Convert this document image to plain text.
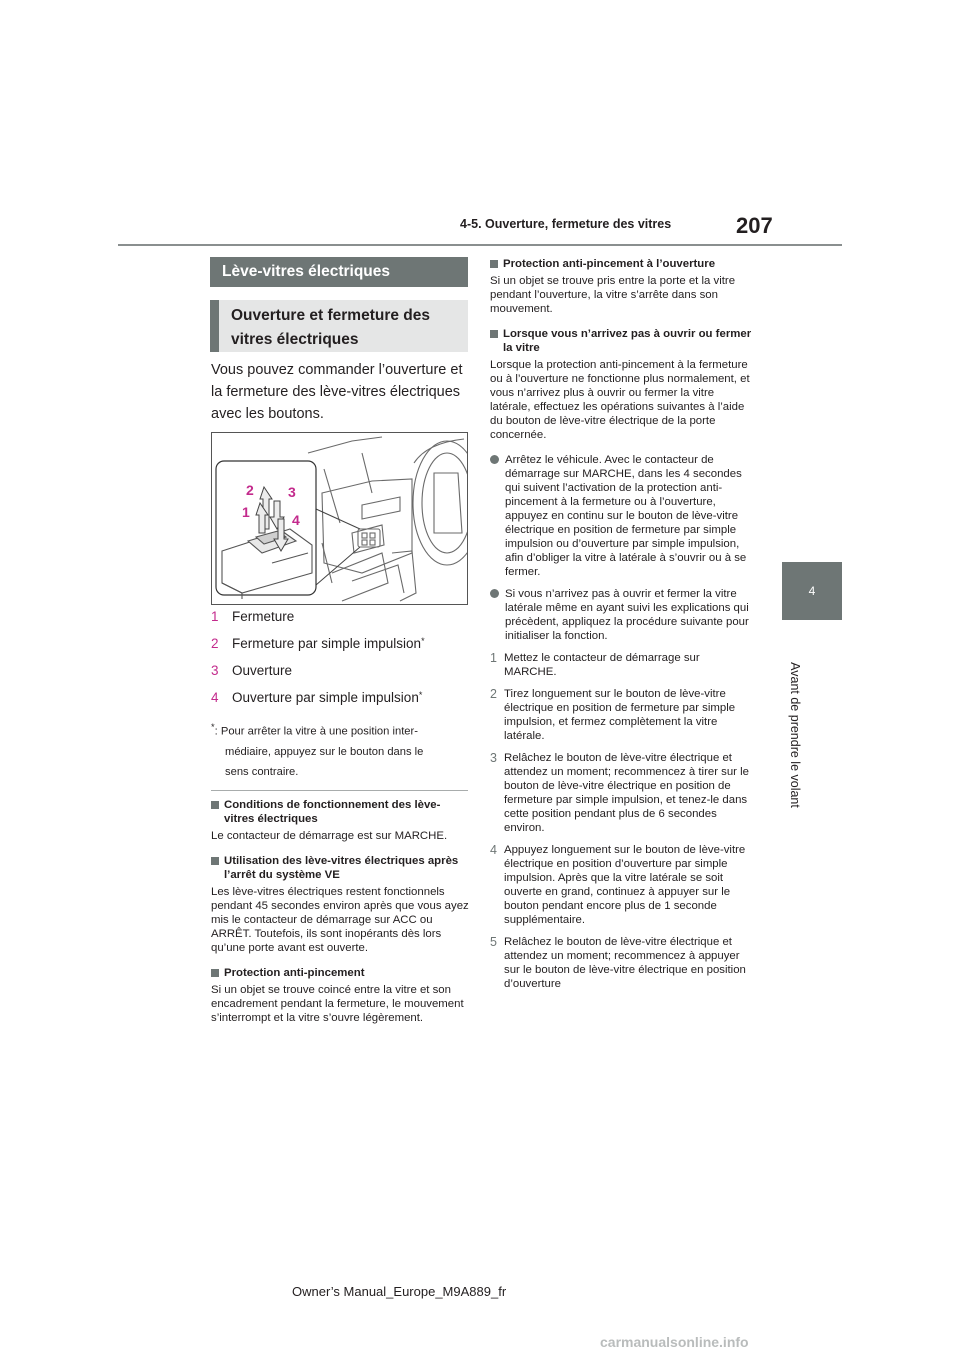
4-5. Ouverture, fermeture des vitres	207
4
Avant de prendre le volant
Lève-vitres électriques
Ouverture et fermeture des vitres électriques
Vous pouvez commander l’ouverture et la fermeture des lève-vitres électriques avec les boutons.
2 3
1	4
1 Fermeture
2 Fermeture par simple impulsion *
3 Ouverture
4 Ouverture par simple impulsion *
*: Pour arrêter la vitre à une position inter-
médiaire, appuyez sur le bouton dans le
sens contraire.
Conditions de fonctionnement des lève-vitres électriques

Le contacteur de démarrage est sur MARCHE.

Utilisation des lève-vitres électriques après l’arrêt du système VE

Les lève-vitres électriques restent fonctionnels pendant 45 secondes environ après que vous ayez mis le contacteur de démarrage sur ACC ou ARRÊT. Toutefois, ils sont inopérants dès lors qu’une porte avant est ouverte.

Protection anti-pincement

Si un objet se trouve coincé entre la vitre et son encadrement pendant la fermeture, le mouvement s’interrompt et la vitre s’ouvre légèrement.

Protection anti-pincement à l’ouverture

Si un objet se trouve pris entre la porte et la vitre pendant l’ouverture, la vitre s’arrête dans son mouvement.

Lorsque vous n’arrivez pas à ouvrir ou fermer la vitre

Lorsque la protection anti-pincement à la fermeture ou à l’ouverture ne fonctionne plus normalement, et vous n’arrivez plus à ouvrir ou fermer la vitre latérale, effectuez les opérations suivantes à l’aide du bouton de lève-vitre électrique de la porte concernée.

Arrêtez le véhicule. Avec le contacteur de démarrage sur MARCHE, dans les 4 secondes qui suivent l’activation de la protection anti-pincement à la fermeture ou à l’ouverture, appuyez en continu sur le bouton de lève-vitre électrique en position de fermeture par simple impulsion ou d’ouverture par simple impulsion, afin d’obliger la vitre à latérale à s’ouvrir ou à se fermer.
Si vous n’arrivez pas à ouvrir et fermer la vitre latérale même en ayant suivi les explications qui précèdent, appliquez la procédure suivante pour initialiser la fonction.
1 Mettez le contacteur de démarrage sur MARCHE.
2 Tirez longuement sur le bouton de lève-vitre électrique en position de fermeture par simple impulsion, et fermez complètement la vitre latérale.
3 Relâchez le bouton de lève-vitre électrique et attendez un moment; recommencez à tirer sur le bouton de lève-vitre électrique en position de fermeture par simple impulsion, et tenez-le dans cette position pendant plus de 6 secondes environ.
4 Appuyez longuement sur le bouton de lève-vitre électrique en position d’ouverture par simple impulsion. Après que la vitre latérale se soit ouverte en grand, continuez à appuyer sur le bouton pendant encore plus de 1 seconde supplémentaire.
5 Relâchez le bouton de lève-vitre électrique et attendez un moment; recommencez à appuyer sur le bouton de lève-vitre électrique en position d’ouverture
Owner’s Manual_Europe_M9A889_fr
carmanualsonline.info
